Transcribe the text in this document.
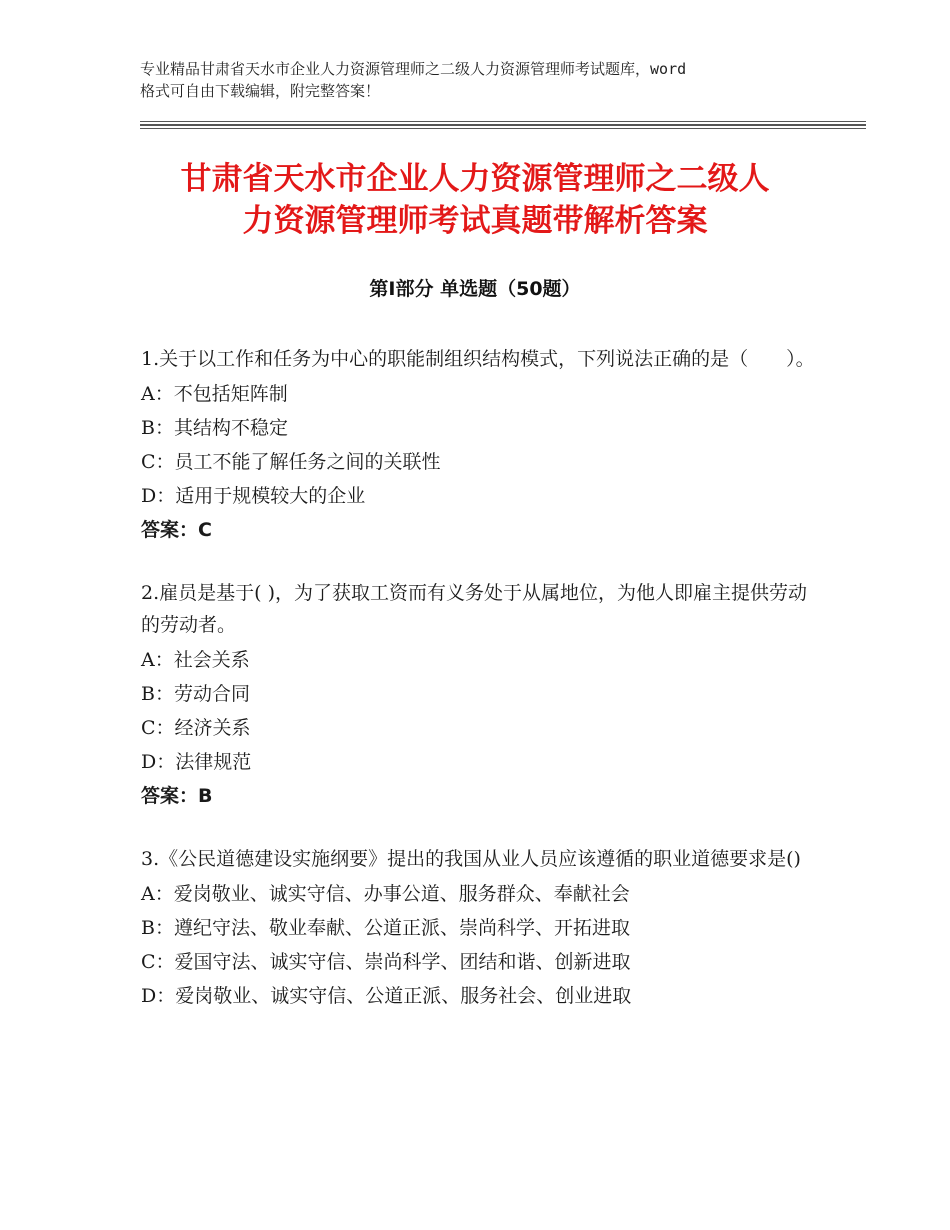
专业精品甘肃省天水市企业人力资源管理师之二级人力资源管理师考试题库，word
格式可自由下载编辑，附完整答案！
甘肃省天水市企业人力资源管理师之二级人
力资源管理师考试真题带解析答案
第Ⅰ部分 单选题（50题）
1.关于以工作和任务为中心的职能制组织结构模式，下列说法正确的是（　　）。
A：不包括矩阵制
B：其结构不稳定
C：员工不能了解任务之间的关联性
D：适用于规模较大的企业
答案：C
2.雇员是基于( )，为了获取工资而有义务处于从属地位，为他人即雇主提供劳动的劳动者。
A：社会关系
B：劳动合同
C：经济关系
D：法律规范
答案：B
3.《公民道德建设实施纲要》提出的我国从业人员应该遵循的职业道德要求是()
A：爱岗敬业、诚实守信、办事公道、服务群众、奉献社会
B：遵纪守法、敬业奉献、公道正派、崇尚科学、开拓进取
C：爱国守法、诚实守信、崇尚科学、团结和谐、创新进取
D：爱岗敬业、诚实守信、公道正派、服务社会、创业进取
